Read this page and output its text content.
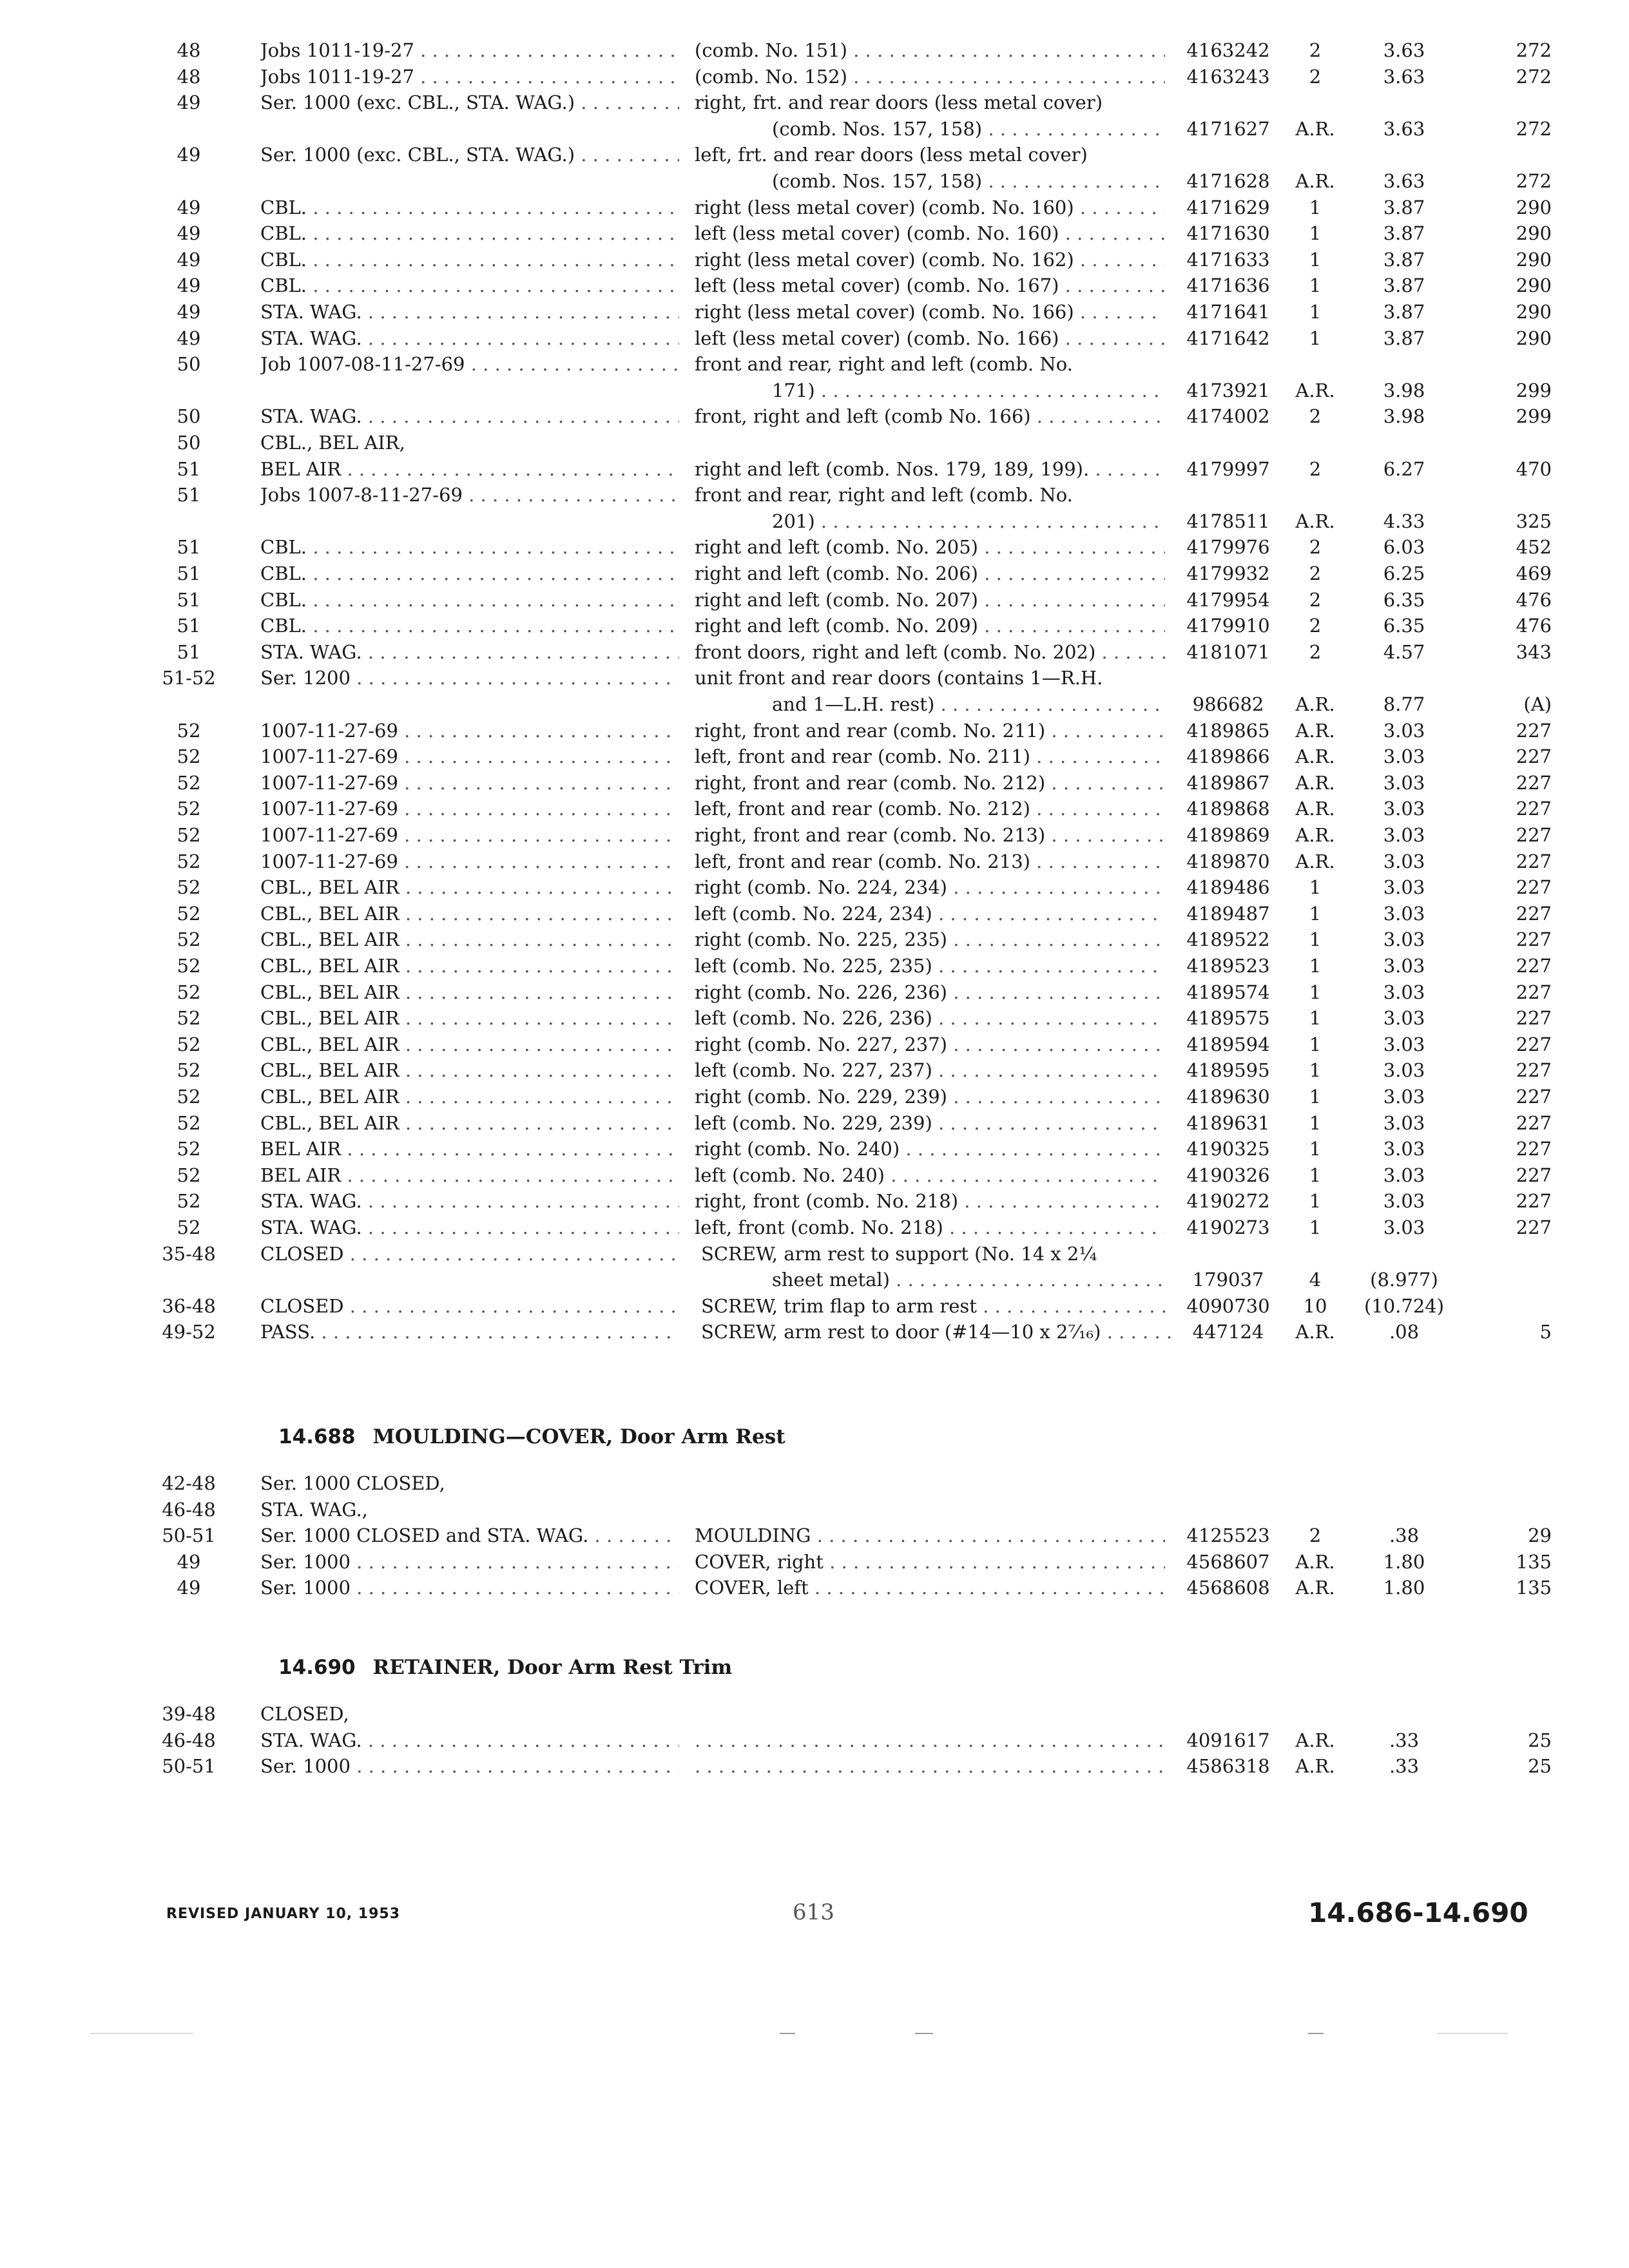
48	Jobs 1011-19-27 . . .	(comb. No. 151) . . .	4163242	2	3.63	272
48	Jobs 1011-19-27 . . .	(comb. No. 152) . . .	4163243	2	3.63	272
49	Ser. 1000 (exc. CBL., STA. WAG.) . . .	right, frt. and rear doors (less metal cover)
(comb. Nos. 157, 158) . . .	4171627	A.R.	3.63	272
49	Ser. 1000 (exc. CBL., STA. WAG.) . . .	left, frt. and rear doors (less metal cover)
(comb. Nos. 157, 158) . . .	4171628	A.R.	3.63	272
49	CBL. . . .	right (less metal cover) (comb. No. 160) . . .	4171629	1	3.87	290
49	CBL. . . .	left (less metal cover) (comb. No. 160) . . .	4171630	1	3.87	290
49	CBL. . . .	right (less metal cover) (comb. No. 162) . . .	4171633	1	3.87	290
49	CBL. . . .	left (less metal cover) (comb. No. 167) . . .	4171636	1	3.87	290
49	STA. WAG. . . .	right (less metal cover) (comb. No. 166) . . .	4171641	1	3.87	290
49	STA. WAG. . . .	left (less metal cover) (comb. No. 166) . . .	4171642	1	3.87	290
50	Job 1007-08-11-27-69 . . .	front and rear, right and left (comb. No.
171) . . .	4173921	A.R.	3.98	299
50	STA. WAG. . . .	front, right and left (comb No. 166) . . .	4174002	2	3.98	299
50	CBL., BEL AIR,
51	BEL AIR . . .	right and left (comb. Nos. 179, 189, 199). . . .	4179997	2	6.27	470
51	Jobs 1007-8-11-27-69 . . .	front and rear, right and left (comb. No.
201) . . .	4178511	A.R.	4.33	325
51	CBL. . . .	right and left (comb. No. 205) . . .	4179976	2	6.03	452
51	CBL. . . .	right and left (comb. No. 206) . . .	4179932	2	6.25	469
51	CBL. . . .	right and left (comb. No. 207) . . .	4179954	2	6.35	476
51	CBL. . . .	right and left (comb. No. 209) . . .	4179910	2	6.35	476
51	STA. WAG. . . .	front doors, right and left (comb. No. 202) . . .	4181071	2	4.57	343
51-52 Ser. 1200 . . .	unit front and rear doors (contains 1—R.H.
and 1—L.H. rest) . . .	986682	A.R.	8.77	(A)
52	1007-11-27-69 . . .	right, front and rear (comb. No. 211) . . .	4189865	A.R.	3.03	227
52	1007-11-27-69 . . .	left, front and rear (comb. No. 211) . . .	4189866	A.R.	3.03	227
52	1007-11-27-69 . . .	right, front and rear (comb. No. 212) . . .	4189867	A.R.	3.03	227
52	1007-11-27-69 . . .	left, front and rear (comb. No. 212) . . .	4189868	A.R.	3.03	227
52	1007-11-27-69 . . .	right, front and rear (comb. No. 213) . . .	4189869	A.R.	3.03	227
52	1007-11-27-69 . . .	left, front and rear (comb. No. 213) . . .	4189870	A.R.	3.03	227
52	CBL., BEL AIR . . .	right (comb. No. 224, 234) . . .	4189486	1	3.03	227
52	CBL., BEL AIR . . .	left (comb. No. 224, 234) . . .	4189487	1	3.03	227
52	CBL., BEL AIR . . .	right (comb. No. 225, 235) . . .	4189522	1	3.03	227
52	CBL., BEL AIR . . .	left (comb. No. 225, 235) . . .	4189523	1	3.03	227
52	CBL., BEL AIR . . .	right (comb. No. 226, 236) . . .	4189574	1	3.03	227
52	CBL., BEL AIR . . .	left (comb. No. 226, 236) . . .	4189575	1	3.03	227
52	CBL., BEL AIR . . .	right (comb. No. 227, 237) . . .	4189594	1	3.03	227
52	CBL., BEL AIR . . .	left (comb. No. 227, 237) . . .	4189595	1	3.03	227
52	CBL., BEL AIR . . .	right (comb. No. 229, 239) . . .	4189630	1	3.03	227
52	CBL., BEL AIR . . .	left (comb. No. 229, 239) . . .	4189631	1	3.03	227
52	BEL AIR . . .	right (comb. No. 240) . . .	4190325	1	3.03	227
52	BEL AIR . . .	left (comb. No. 240) . . .	4190326	1	3.03	227
52	STA. WAG. . . .	right, front (comb. No. 218) . . .	4190272	1	3.03	227
52	STA. WAG. . . .	left, front (comb. No. 218) . . .	4190273	1	3.03	227
35-48 CLOSED . . .	SCREW, arm rest to support (No. 14 x 2¼
sheet metal) . . .	179037	4	(8.977)
36-48 CLOSED . . .	SCREW, trim flap to arm rest . . .	4090730	10	(10.724)
49-52 PASS. . . .	SCREW, arm rest to door (#14—10 x 2⁷⁄₁₆) . . .	447124	A.R.	.08	5
14.688 MOULDING—COVER, Door Arm Rest
42-48 Ser. 1000 CLOSED,
46-48 STA. WAG.,
50-51 Ser. 1000 CLOSED and STA. WAG. . . .	MOULDING . . .	4125523	2	.38	29
49	Ser. 1000 . . .	COVER, right . . .	4568607	A.R.	1.80	135
49	Ser. 1000 . . .	COVER, left . . .	4568608	A.R.	1.80	135
14.690 RETAINER, Door Arm Rest Trim
39-48 CLOSED,
46-48 STA. WAG. . . . . . .	4091617	A.R.	.33	25
50-51 Ser. 1000 . . . . . .	4586318	A.R.	.33	25
REVISED JANUARY 10, 1953	613	14.686-14.690
